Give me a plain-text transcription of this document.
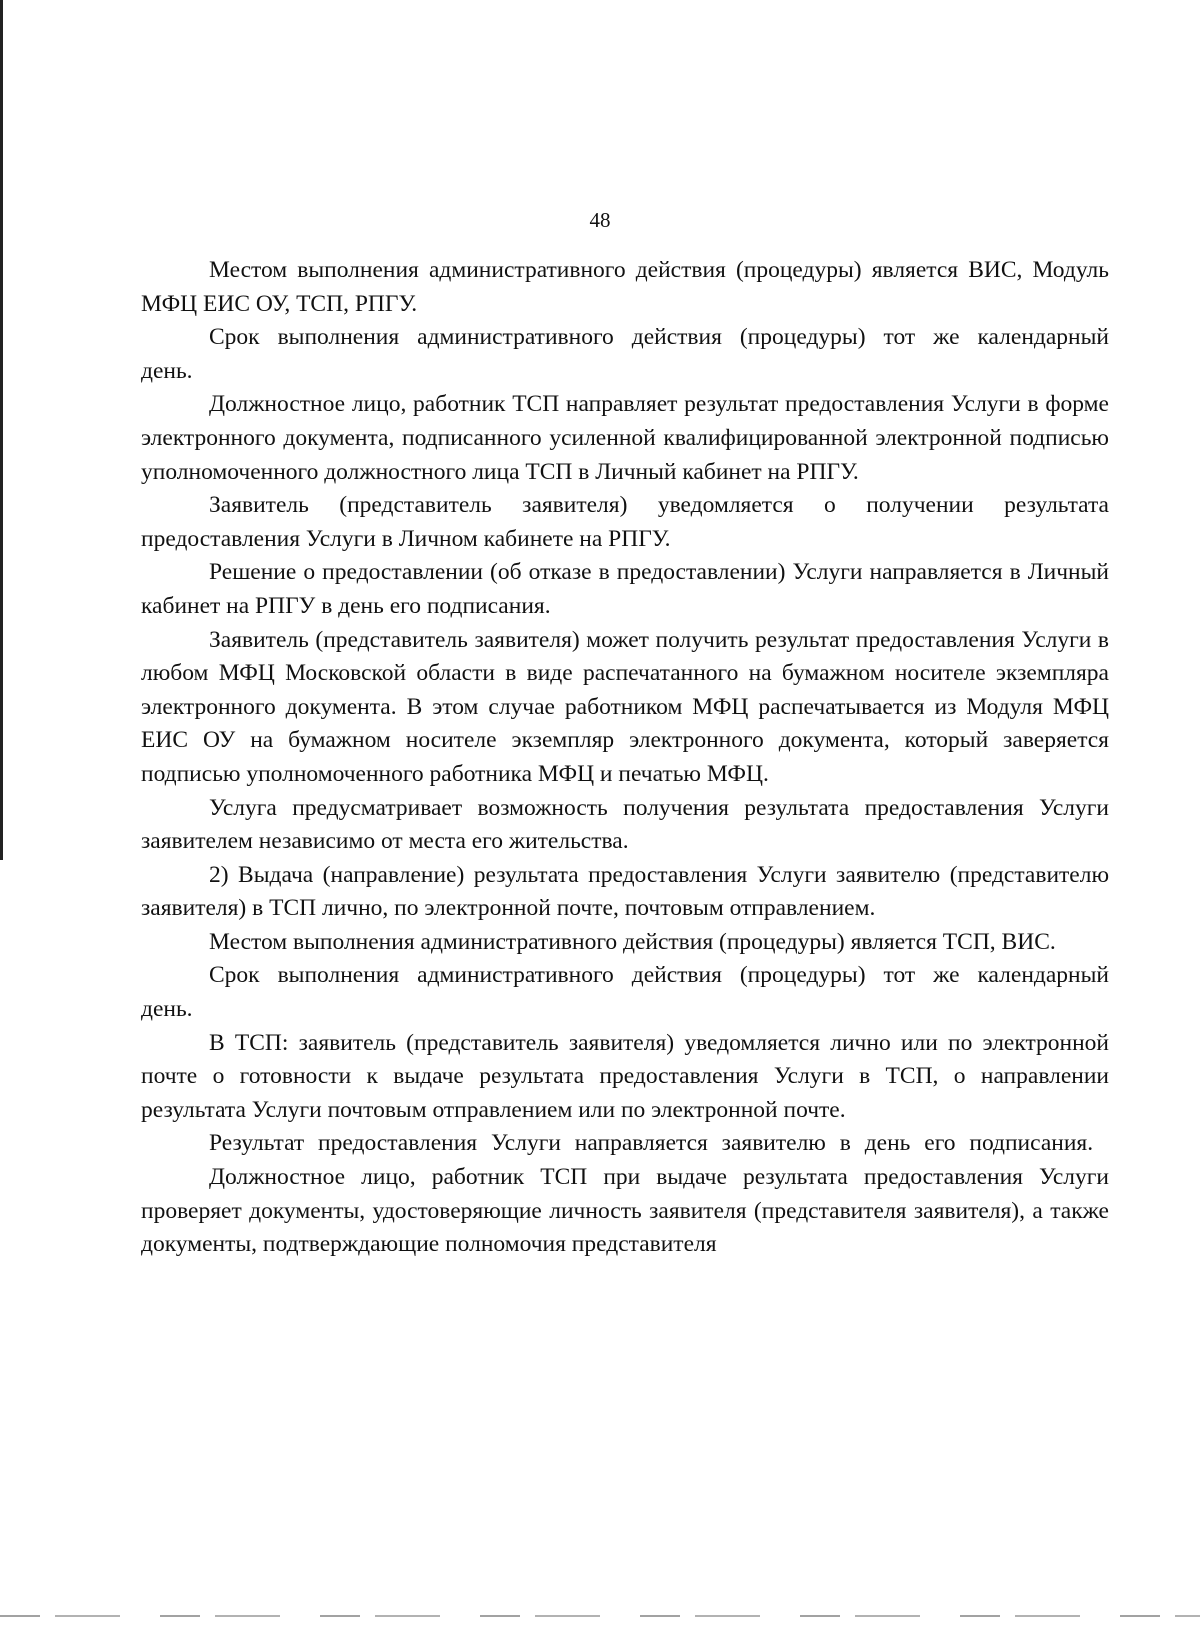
48

Местом выполнения административного действия (процедуры) является ВИС, Модуль МФЦ ЕИС ОУ, ТСП, РПГУ.

Срок выполнения административного действия (процедуры) тот же календарный день.

Должностное лицо, работник ТСП направляет результат предоставления Услуги в форме электронного документа, подписанного усиленной квалифицированной электронной подписью уполномоченного должностного лица ТСП в Личный кабинет на РПГУ.

Заявитель (представитель заявителя) уведомляется о получении результата предоставления Услуги в Личном кабинете на РПГУ.

Решение о предоставлении (об отказе в предоставлении) Услуги направляется в Личный кабинет на РПГУ в день его подписания.

Заявитель (представитель заявителя) может получить результат предоставления Услуги в любом МФЦ Московской области в виде распечатанного на бумажном носителе экземпляра электронного документа. В этом случае работником МФЦ распечатывается из Модуля МФЦ ЕИС ОУ на бумажном носителе экземпляр электронного документа, который заверяется подписью уполномоченного работника МФЦ и печатью МФЦ.

Услуга предусматривает возможность получения результата предоставления Услуги заявителем независимо от места его жительства.

2) Выдача (направление) результата предоставления Услуги заявителю (представителю заявителя) в ТСП лично, по электронной почте, почтовым отправлением.

Местом выполнения административного действия (процедуры) является ТСП, ВИС.

Срок выполнения административного действия (процедуры) тот же календарный день.

В ТСП: заявитель (представитель заявителя) уведомляется лично или по электронной почте о готовности к выдаче результата предоставления Услуги в ТСП, о направлении результата Услуги почтовым отправлением или по электронной почте.

Результат предоставления Услуги направляется заявителю в день его подписания.

Должностное лицо, работник ТСП при выдаче результата предоставления Услуги проверяет документы, удостоверяющие личность заявителя (представителя заявителя), а также документы, подтверждающие полномочия представителя
